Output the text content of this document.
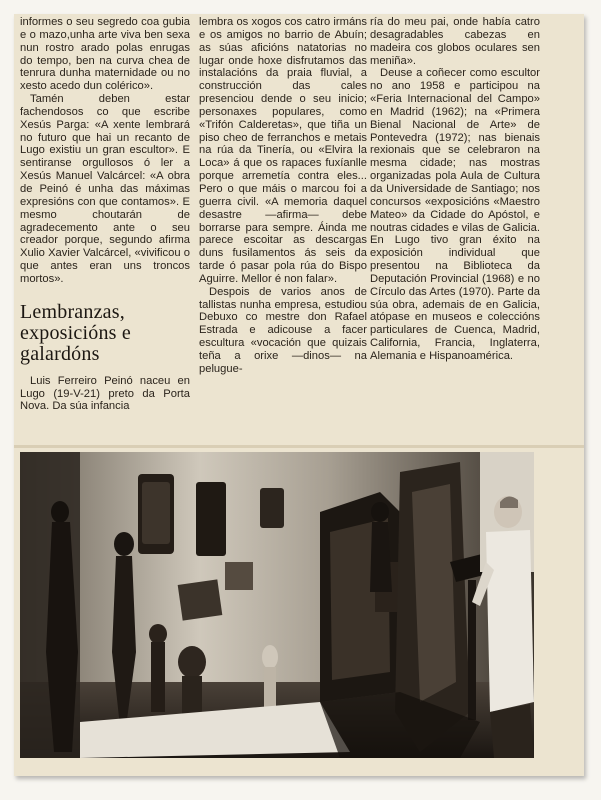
informes o seu segredo coa gubia e o mazo,unha arte viva ben sexa nun rostro arado polas enrugas do tempo, ben na curva chea de tenrura dunha maternidade ou no xesto acedo dun colérico».

Tamén deben estar fachendosos co que escribe Xesús Parga: «A xente lembrará no futuro que hai un recanto de Lugo existiu un gran escultor». E sentiranse orgullosos ó ler a Xesús Manuel Valcárcel: «A obra de Peinó é unha das máximas expresións con que contamos». E mesmo choutarán de agradecemento ante o seu creador porque, segundo afirma Xulio Xavier Valcárcel, «vivificou o que antes eran uns troncos mortos».

Lembranzas, exposicións e galardóns

Luis Ferreiro Peinó naceu en Lugo (19-V-21) preto da Porta Nova. Da súa infancia

lembra os xogos cos catro irmáns e os amigos no barrio de Abuín; as súas aficións natatorias no lugar onde hoxe disfrutamos das instalacións da praia fluvial, a construcción das cales presenciou dende o seu inicio; personaxes populares, como «Trifón Calderetas», que tiña un piso cheo de ferranchos e metais na rúa da Tinería, ou «Elvira la Loca» á que os rapaces fuxíanlle porque arremetía contra eles... Pero o que máis o marcou foi a guerra civil. «A memoria daquel desastre —afirma— debe borrarse para sempre. Áinda me parece escoitar as descargas duns fusilamentos ás seis da tarde ó pasar pola rúa do Bispo Aguirre. Mellor é non falar».

Despois de varios anos de tallistas nunha empresa, estudiou Debuxo co mestre don Rafael Estrada e adicouse a facer escultura «vocación que quizais teña a orixe —dinos— na pelugue-

ría do meu pai, onde había catro desagradables cabezas en madeira cos globos oculares sen meniña».

Deuse a coñecer como escultor no ano 1958 e participou na «Feria Internacional del Campo» en Madrid (1962); na «Primera Bienal Nacional de Arte» de Pontevedra (1972); nas bienais rexionais que se celebraron na mesma cidade; nas mostras organizadas pola Aula de Cultura da Universidade de Santiago; nos concursos «exposicións «Maestro Mateo» da Cidade do Apóstol, e noutras cidades e vilas de Galicia. En Lugo tivo gran éxito na exposición individual que presentou na Biblioteca da Deputación Provincial (1968) e no Círculo das Artes (1970). Parte da súa obra, ademais de en Galicia, atópase en museos e coleccións particulares de Cuenca, Madrid, California, Francia, Inglaterra, Alemania e Hispanoamérica.
